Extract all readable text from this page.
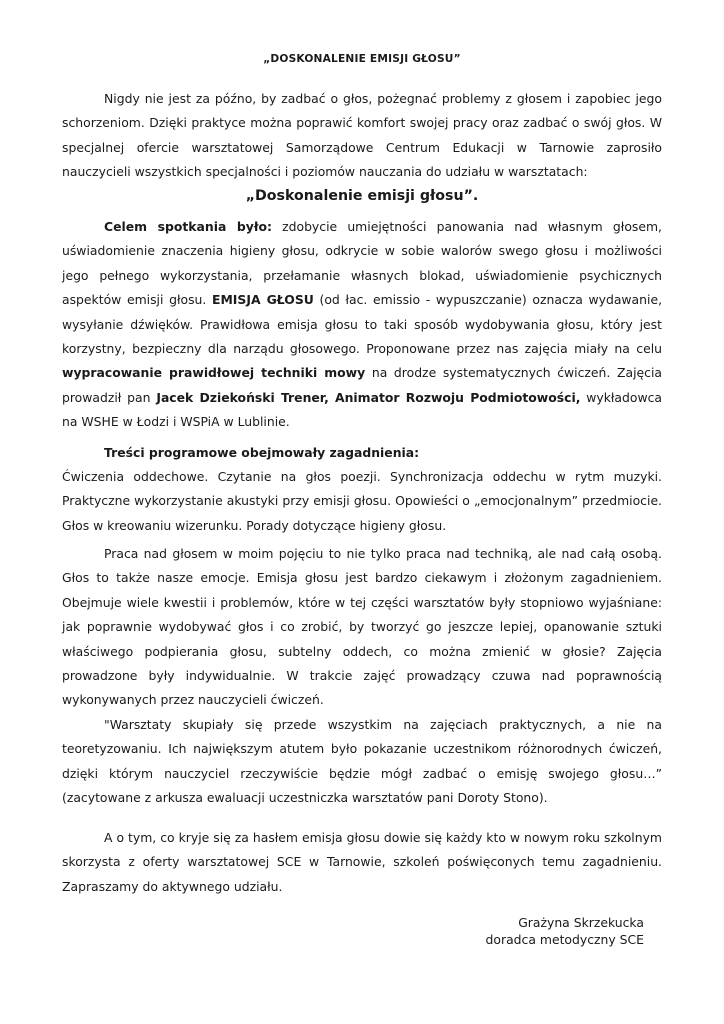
„DOSKONALENIE EMISJI GŁOSU”

Nigdy nie jest za późno, by zadbać o głos, pożegnać problemy z głosem i zapobiec jego schorzeniom. Dzięki praktyce można poprawić komfort swojej pracy oraz zadbać o swój głos. W specjalnej ofercie warsztatowej Samorządowe Centrum Edukacji w Tarnowie zaprosiło nauczycieli wszystkich specjalności i poziomów nauczania do udziału w warsztatach:

„Doskonalenie emisji głosu”.

Celem spotkania było: zdobycie umiejętności panowania nad własnym głosem, uświadomienie znaczenia higieny głosu, odkrycie w sobie walorów swego głosu i możliwości jego pełnego wykorzystania, przełamanie własnych blokad, uświadomienie psychicznych aspektów emisji głosu. EMISJA GŁOSU (od łac. emissio - wypuszczanie) oznacza wydawanie, wysyłanie dźwięków. Prawidłowa emisja głosu to taki sposób wydobywania głosu, który jest korzystny, bezpieczny dla narządu głosowego. Proponowane przez nas zajęcia miały na celu wypracowanie prawidłowej techniki mowy na drodze systematycznych ćwiczeń. Zajęcia prowadził pan Jacek Dziekoński Trener, Animator Rozwoju Podmiotowości, wykładowca na WSHE w Łodzi i WSPiA w Lublinie.

Treści programowe obejmowały zagadnienia:

Ćwiczenia oddechowe. Czytanie na głos poezji. Synchronizacja oddechu w rytm muzyki. Praktyczne wykorzystanie akustyki przy emisji głosu. Opowieści o „emocjonalnym” przedmiocie. Głos w kreowaniu wizerunku. Porady dotyczące higieny głosu.

Praca nad głosem w moim pojęciu to nie tylko praca nad techniką, ale nad całą osobą. Głos to także nasze emocje. Emisja głosu jest bardzo ciekawym i złożonym zagadnieniem. Obejmuje wiele kwestii i problemów, które w tej części warsztatów były stopniowo wyjaśniane: jak poprawnie wydobywać głos i co zrobić, by tworzyć go jeszcze lepiej, opanowanie sztuki właściwego podpierania głosu, subtelny oddech, co można zmienić w głosie? Zajęcia prowadzone były indywidualnie. W trakcie zajęć prowadzący czuwa nad poprawnością wykonywanych przez nauczycieli ćwiczeń.

"Warsztaty skupiały się przede wszystkim na zajęciach praktycznych, a nie na teoretyzowaniu. Ich największym atutem było pokazanie uczestnikom różnorodnych ćwiczeń, dzięki którym nauczyciel rzeczywiście będzie mógł zadbać o emisję swojego głosu…” (zacytowane z arkusza ewaluacji uczestniczka warsztatów pani Doroty Stono).

A o tym, co kryje się za hasłem emisja głosu dowie się każdy kto w nowym roku szkolnym skorzysta z oferty warsztatowej SCE w Tarnowie, szkoleń poświęconych temu zagadnieniu. Zapraszamy do aktywnego udziału.

Grażyna Skrzekucka
doradca metodyczny SCE
